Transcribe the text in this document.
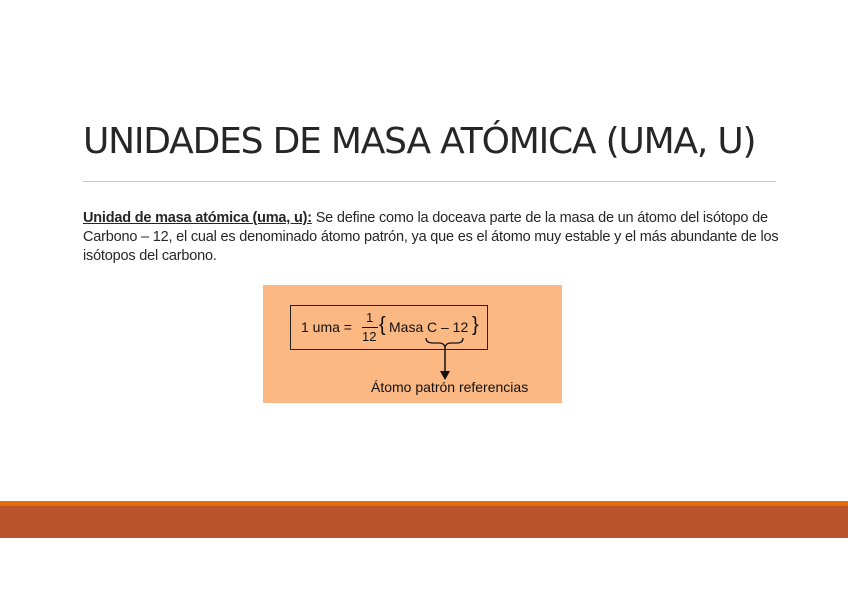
UNIDADES DE MASA ATÓMICA (UMA, U)

Unidad de masa atómica (uma, u): Se define como la doceava parte de la masa de un átomo del isótopo de Carbono – 12, el cual es denominado átomo patrón, ya que es el átomo muy estable y el más abundante de los isótopos del carbono.

1 uma =
1
12
{ Masa C – 12 }
Átomo patrón referencias
